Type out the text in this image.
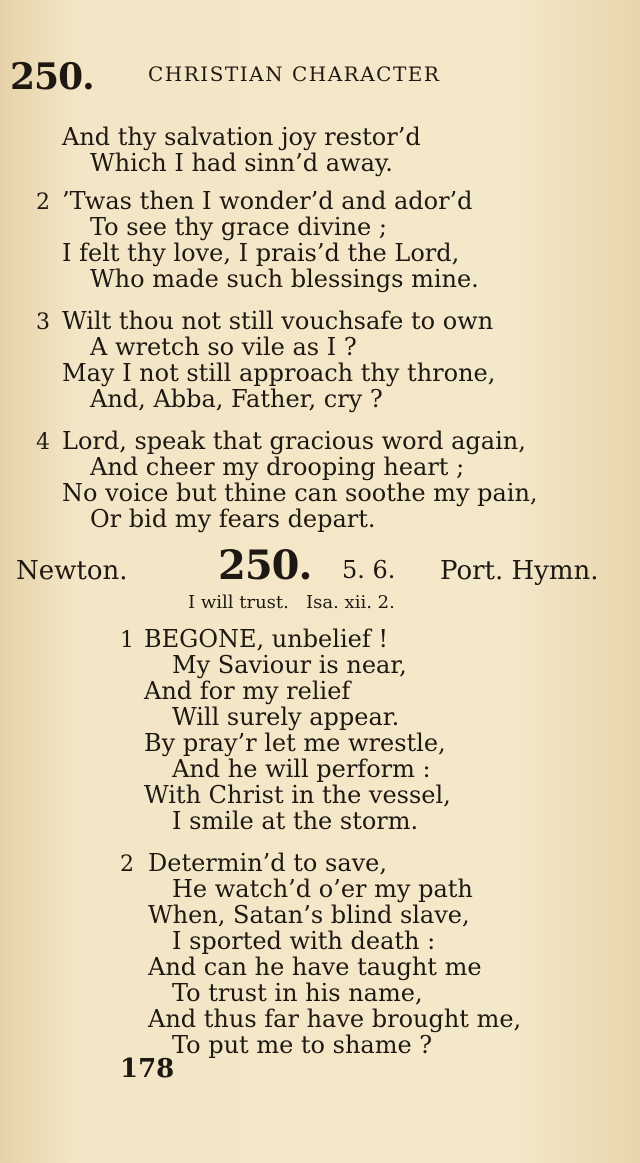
250.	CHRISTIAN CHARACTER
And thy salvation joy restor’d
Which I had sinn’d away.
2 ’Twas then I wonder’d and ador’d
To see thy grace divine ;
I felt thy love, I prais’d the Lord,
Who made such blessings mine.
3 Wilt thou not still vouchsafe to own
A wretch so vile as I ?
May I not still approach thy throne,
And, Abba, Father, cry ?
4 Lord, speak that gracious word again,
And cheer my drooping heart ;
No voice but thine can soothe my pain,
Or bid my fears depart.
Newton. 250. 5. 6. Port. Hymn.
I will trust.   Isa. xii. 2.
1 BEGONE, unbelief !
My Saviour is near,
And for my relief
Will surely appear.
By pray’r let me wrestle,
And he will perform :
With Christ in the vessel,
I smile at the storm.
2 Determin’d to save,
He watch’d o’er my path
When, Satan’s blind slave,
I sported with death :
And can he have taught me
To trust in his name,
And thus far have brought me,
To put me to shame ?
178
